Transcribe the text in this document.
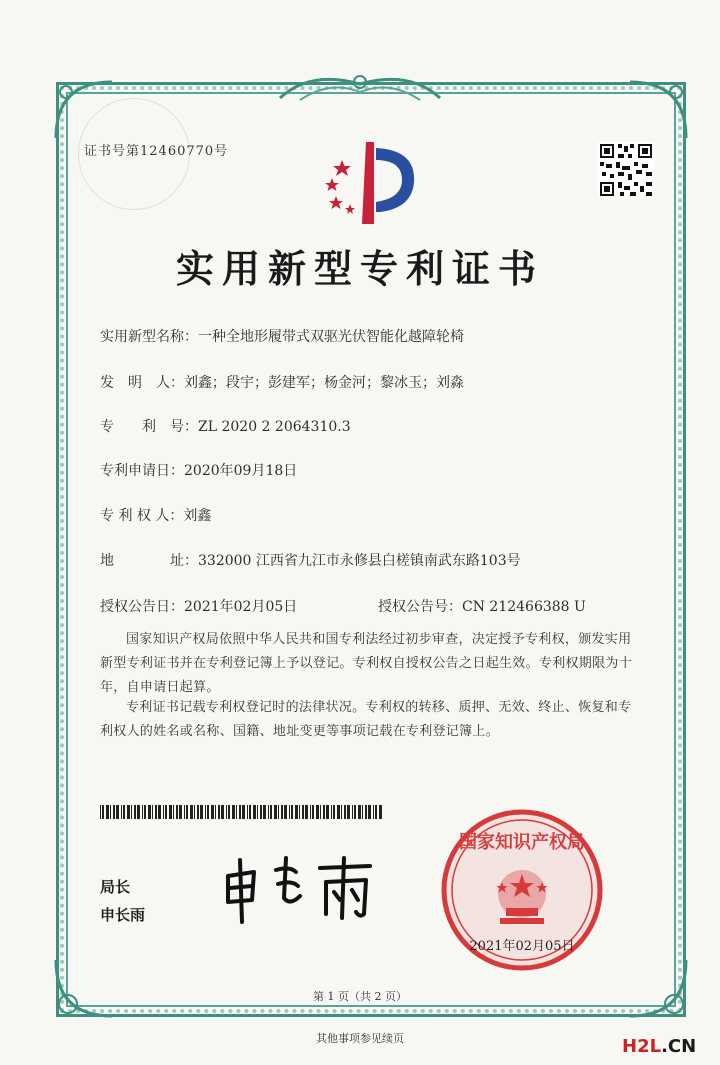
证书号第12460770号
实用新型专利证书
实用新型名称：一种全地形履带式双驱光伏智能化越障轮椅
发　明　人：刘鑫；段宇；彭建军；杨金河；黎冰玉；刘淼
专　　利　号：ZL 2020 2 2064310.3
专利申请日：2020年09月18日
专 利 权 人：刘鑫
地　　　　址：332000 江西省九江市永修县白槎镇南武东路103号
授权公告日：2021年02月05日	授权公告号：CN 212466388 U
国家知识产权局依照中华人民共和国专利法经过初步审查，决定授予专利权，颁发实用新型专利证书并在专利登记簿上予以登记。专利权自授权公告之日起生效。专利权期限为十年，自申请日起算。
专利证书记载专利权登记时的法律状况。专利权的转移、质押、无效、终止、恢复和专利权人的姓名或名称、国籍、地址变更等事项记载在专利登记簿上。
局长
申长雨
国家知识产权局
2021年02月05日
第 1 页（共 2 页）
其他事项参见续页	H2L.CN
